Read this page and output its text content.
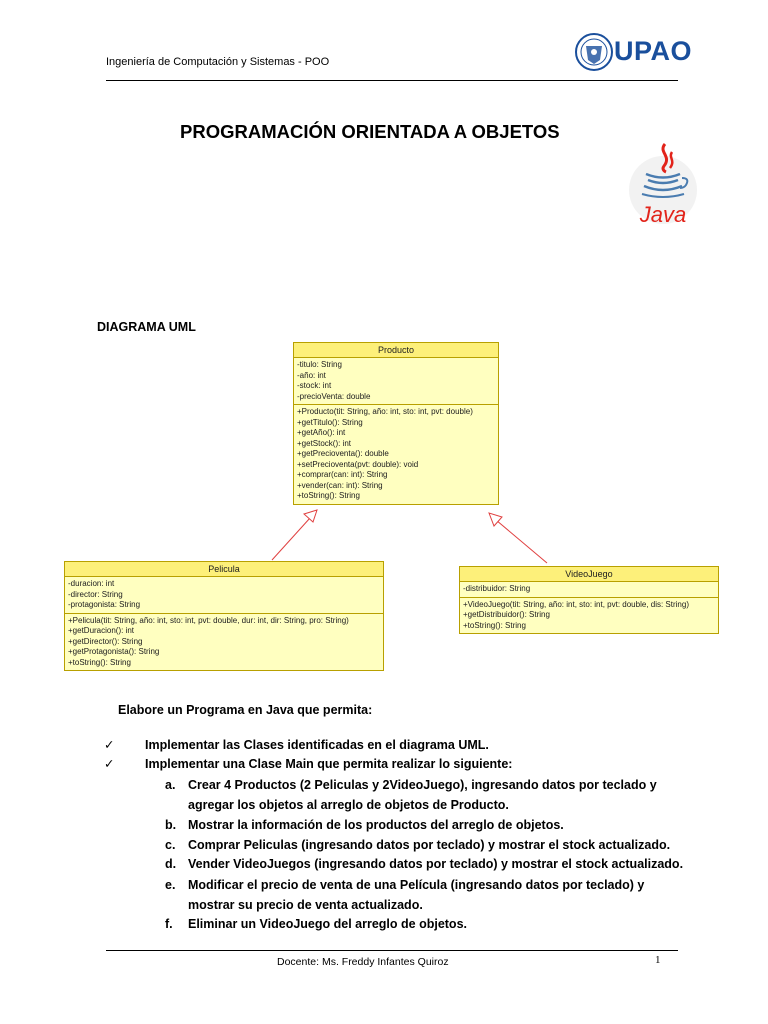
Ingeniería de Computación y Sistemas - POO	UPAO
PROGRAMACIÓN ORIENTADA A OBJETOS
Java
DIAGRAMA UML
Producto
-titulo: String
-año: int
-stock: int
-precioVenta: double
+Producto(tit: String, año: int, sto: int, pvt: double)
+getTitulo(): String
+getAño(): int
+getStock(): int
+getPrecioventa(): double
+setPrecioventa(pvt: double): void
+comprar(can: int): String
+vender(can: int): String
+toString(): String
Pelicula
-duracion: int
-director: String
-protagonista: String
+Pelicula(tit: String, año: int, sto: int, pvt: double, dur: int, dir: String, pro: String)
+getDuracion(): int
+getDirector(): String
+getProtagonista(): String
+toString(): String
VideoJuego
-distribuidor: String
+VideoJuego(tit: String, año: int, sto: int, pvt: double, dis: String)
+getDistribuidor(): String
+toString(): String
Elabore un Programa en Java que permita:
✓ Implementar las Clases identificadas en el diagrama UML.
✓ Implementar una Clase Main que permita realizar lo siguiente:
a. Crear 4 Productos (2 Peliculas y 2VideoJuego), ingresando datos por teclado y agregar los objetos al arreglo de objetos de Producto.
b. Mostrar la información de los productos del arreglo de objetos.
c. Comprar Peliculas (ingresando datos por teclado) y mostrar el stock actualizado.
d. Vender VideoJuegos (ingresando datos por teclado) y mostrar el stock actualizado.
e. Modificar el precio de venta de una Película (ingresando datos por teclado) y mostrar su precio de venta actualizado.
f. Eliminar un VideoJuego del arreglo de objetos.
Docente: Ms. Freddy Infantes Quiroz	1
